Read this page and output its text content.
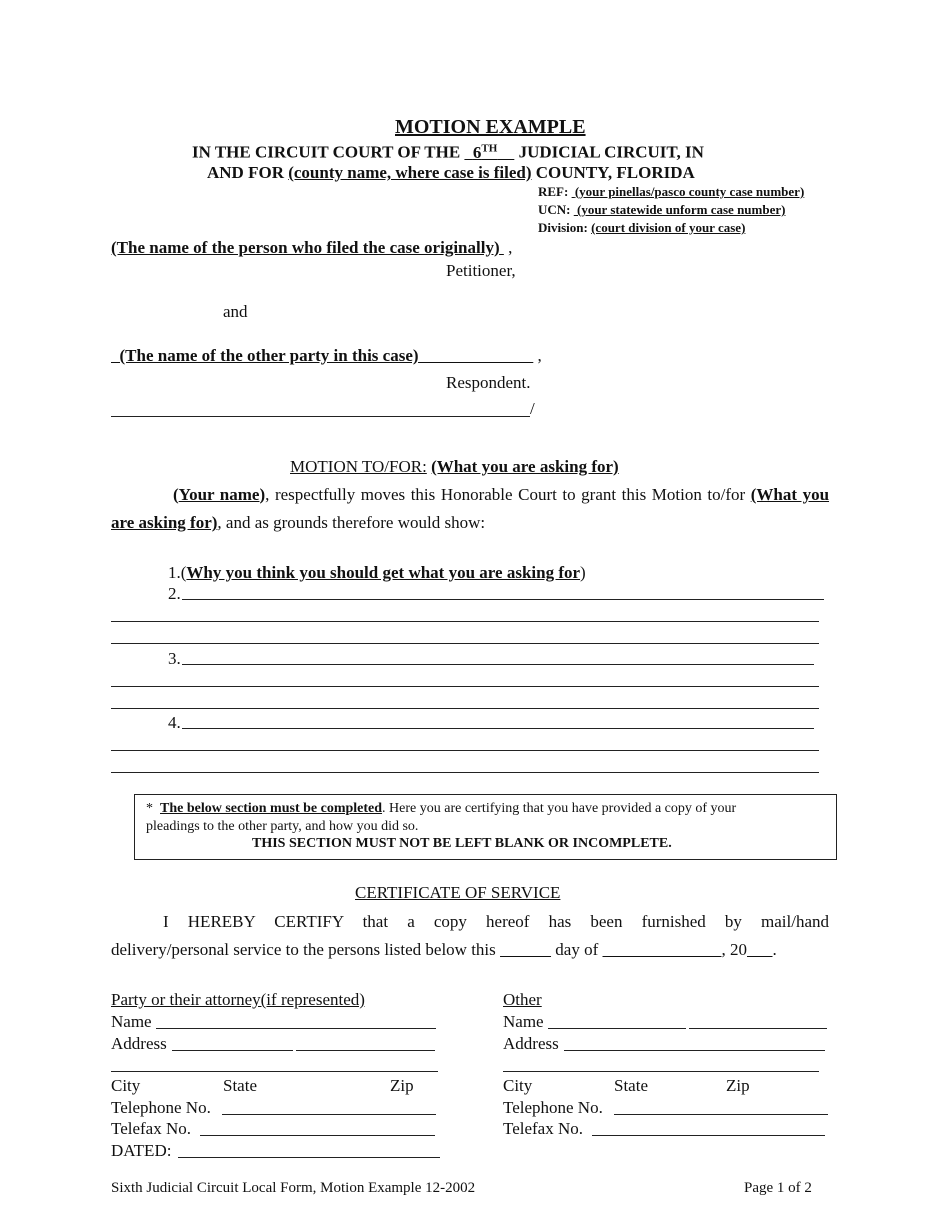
MOTION EXAMPLE
IN THE CIRCUIT COURT OF THE 6TH JUDICIAL CIRCUIT, IN
AND FOR (county name, where case is filed) COUNTY, FLORIDA
REF: (your pinellas/pasco county case number)
UCN: (your statewide unform case number)
Division: (court division of your case)
(The name of the person who filed the case originally) ,
Petitioner,
and
(The name of the other party in this case)	,
Respondent.
/
MOTION TO/FOR: (What you are asking for)
(Your name), respectfully moves this Honorable Court to grant this Motion to/for (What you are asking for), and as grounds therefore would show:
1.(Why you think you should get what you are asking for)
2.
3.
4.
* The below section must be completed. Here you are certifying that you have provided a copy of your
pleadings to the other party, and how you did so.
THIS SECTION MUST NOT BE LEFT BLANK OR INCOMPLETE.
CERTIFICATE OF SERVICE
I HEREBY CERTIFY that a copy hereof has been furnished by mail/hand
delivery/personal service to the persons listed below this	day of	, 20 .
Party or their attorney(if represented)
Name
Address
City	State	Zip
Telephone No.
Telefax No.
DATED:
Other
Name
Address
City	State	Zip
Telephone No.
Telefax No.
Sixth Judicial Circuit Local Form, Motion Example 12-2002	Page 1 of 2
